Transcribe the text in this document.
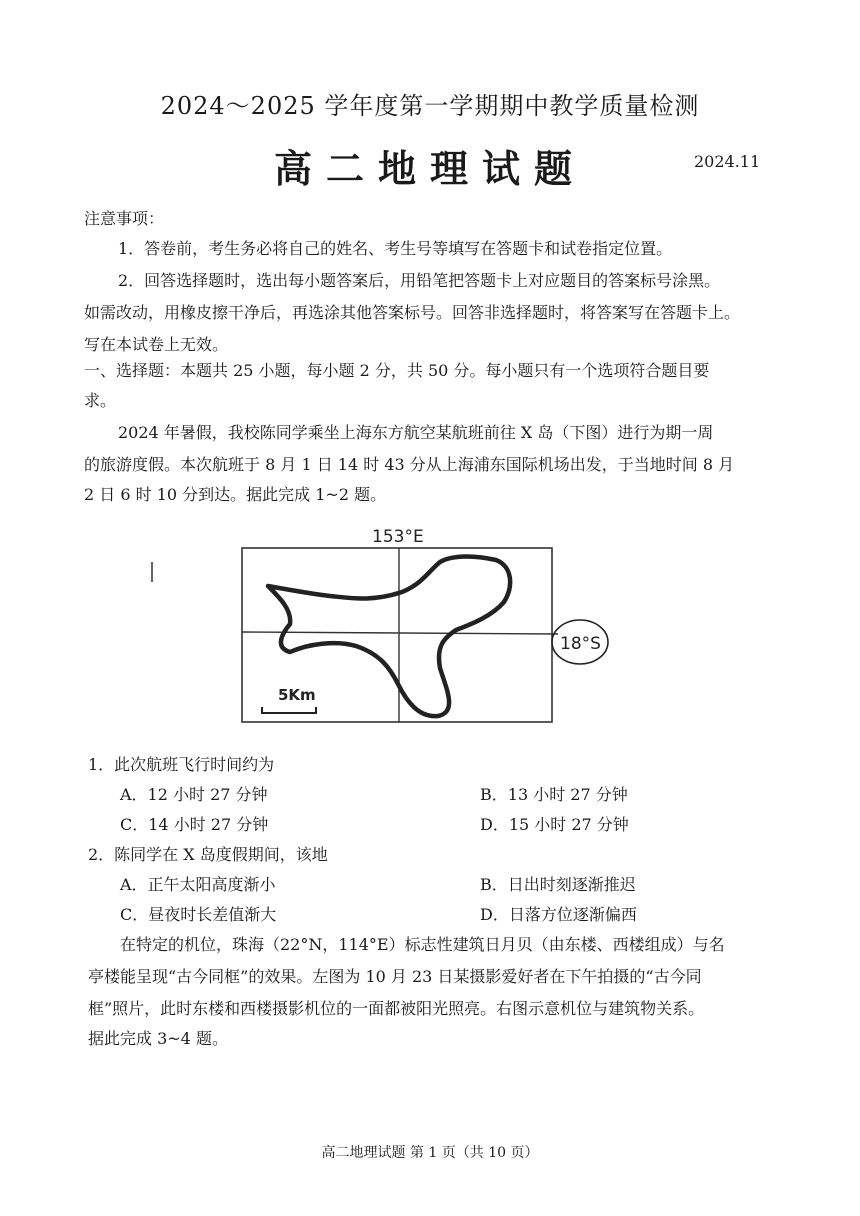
2024～2025 学年度第一学期期中教学质量检测
高二地理试题	2024.11
注意事项：
1．答卷前，考生务必将自己的姓名、考生号等填写在答题卡和试卷指定位置。
2．回答选择题时，选出每小题答案后，用铅笔把答题卡上对应题目的答案标号涂黑。
如需改动，用橡皮擦干净后，再选涂其他答案标号。回答非选择题时，将答案写在答题卡上。
写在本试卷上无效。
一、选择题：本题共 25 小题，每小题 2 分，共 50 分。每小题只有一个选项符合题目要
求。
2024 年暑假，我校陈同学乘坐上海东方航空某航班前往 X 岛（下图）进行为期一周
的旅游度假。本次航班于 8 月 1 日 14 时 43 分从上海浦东国际机场出发，于当地时间 8 月
2 日 6 时 10 分到达。据此完成 1~2 题。
153°E
18°S
5Km
1．此次航班飞行时间约为
A．12 小时 27 分钟	B．13 小时 27 分钟
C．14 小时 27 分钟	D．15 小时 27 分钟
2．陈同学在 X 岛度假期间，该地
A．正午太阳高度渐小	B．日出时刻逐渐推迟
C．昼夜时长差值渐大	D．日落方位逐渐偏西
在特定的机位，珠海（22°N，114°E）标志性建筑日月贝（由东楼、西楼组成）与名
亭楼能呈现“古今同框”的效果。左图为 10 月 23 日某摄影爱好者在下午拍摄的“古今同
框”照片，此时东楼和西楼摄影机位的一面都被阳光照亮。右图示意机位与建筑物关系。
据此完成 3~4 题。
高二地理试题 第 1 页（共 10 页）
